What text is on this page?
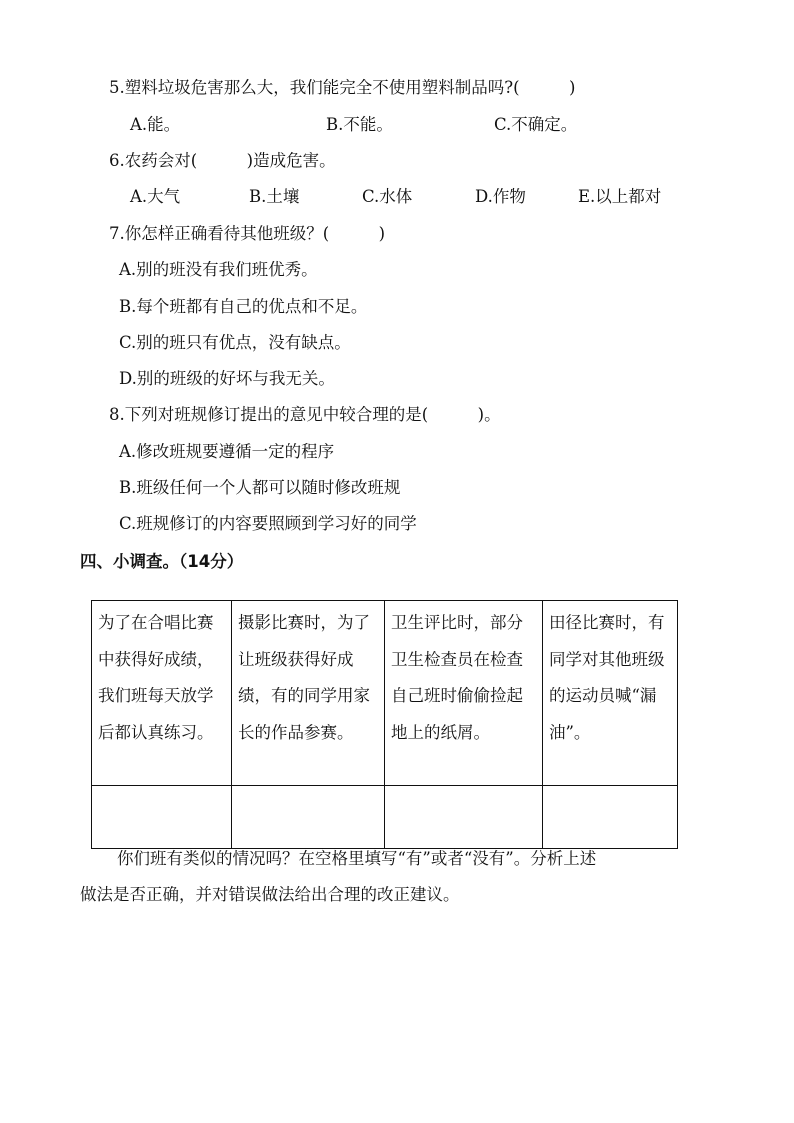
5.塑料垃圾危害那么大，我们能完全不使用塑料制品吗?(　　　)
A.能。	B.不能。	C.不确定。
6.农药会对(　　　)造成危害。
A.大气	B.土壤	C.水体	D.作物	E.以上都对
7.你怎样正确看待其他班级？(　　　)
A.别的班没有我们班优秀。
B.每个班都有自己的优点和不足。
C.别的班只有优点，没有缺点。
D.别的班级的好坏与我无关。
8.下列对班规修订提出的意见中较合理的是(　　　)。
A.修改班规要遵循一定的程序
B.班级任何一个人都可以随时修改班规
C.班规修订的内容要照顾到学习好的同学
四、小调查。（14分）
为了在合唱比赛中获得好成绩，我们班每天放学后都认真练习。	摄影比赛时，为了让班级获得好成绩，有的同学用家长的作品参赛。	卫生评比时，部分卫生检查员在检查自己班时偷偷捡起地上的纸屑。	田径比赛时，有同学对其他班级的运动员喊“漏油”。

你们班有类似的情况吗？在空格里填写“有”或者“没有”。分析上述
做法是否正确，并对错误做法给出合理的改正建议。
